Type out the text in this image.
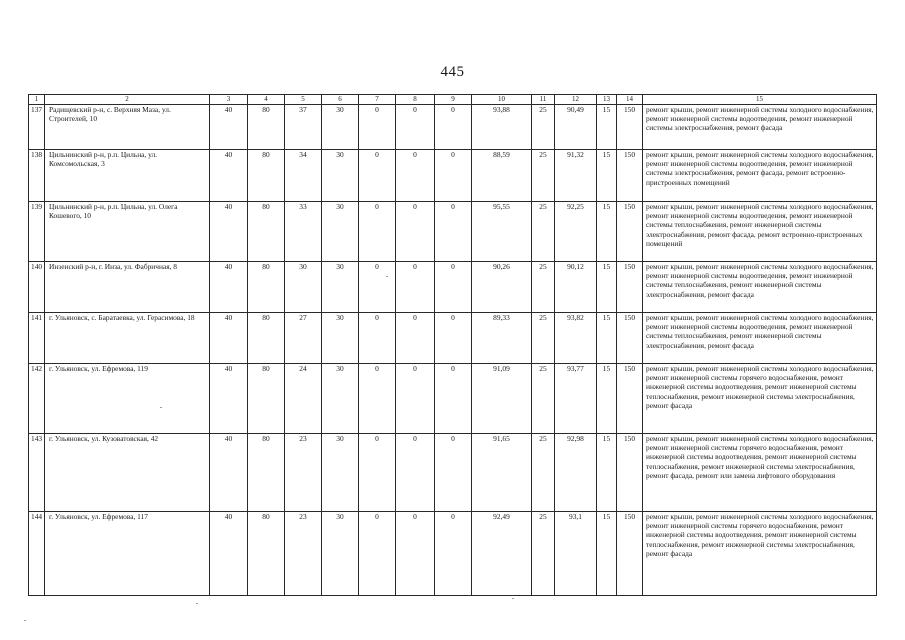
445
1	2	3	4	5	6	7	8	9	10	11	12	13	14	15
137	Радищевский р-н, с. Верхняя Маза, ул. Строителей, 10	40	80	37	30	0	0	0	93,88	25	90,49	15	150	ремонт крыши, ремонт инженерной системы холодного водоснабжения, ремонт инженерной системы водоотведения, ремонт инженерной системы электроснабжения, ремонт фасада
138	Цильнинский р-н, р.п. Цильна, ул. Комсомольская, 3	40	80	34	30	0	0	0	88,59	25	91,32	15	150	ремонт крыши, ремонт инженерной системы холодного водоснабжения, ремонт инженерной системы водоотведения, ремонт инженерной системы электроснабжения, ремонт фасада, ремонт встроенно-пристроенных помещений
139	Цильнинский р-н, р.п. Цильна, ул. Олега Кошевого, 10	40	80	33	30	0	0	0	95,55	25	92,25	15	150	ремонт крыши, ремонт инженерной системы холодного водоснабжения, ремонт инженерной системы водоотведения, ремонт инженерной системы теплоснабжения, ремонт инженерной системы электроснабжения, ремонт фасада, ремонт встроенно-пристроенных помещений
140	Инзенский р-н, г. Инза, ул. Фабричная, 8	40	80	30	30	0	0	0	90,26	25	90,12	15	150	ремонт крыши, ремонт инженерной системы холодного водоснабжения, ремонт инженерной системы водоотведения, ремонт инженерной системы теплоснабжения, ремонт инженерной системы электроснабжения, ремонт фасада
141	г. Ульяновск, с. Баратаевка, ул. Герасимова, 18	40	80	27	30	0	0	0	89,33	25	93,82	15	150	ремонт крыши, ремонт инженерной системы холодного водоснабжения, ремонт инженерной системы водоотведения, ремонт инженерной системы теплоснабжения, ремонт инженерной системы электроснабжения, ремонт фасада
142	г. Ульяновск, ул. Ефремова, 119	40	80	24	30	0	0	0	91,09	25	93,77	15	150	ремонт крыши, ремонт инженерной системы холодного водоснабжения, ремонт инженерной системы горячего водоснабжения, ремонт инженерной системы водоотведения, ремонт инженерной системы теплоснабжения, ремонт инженерной системы электроснабжения, ремонт фасада
143	г. Ульяновск, ул. Кузоватовская, 42	40	80	23	30	0	0	0	91,65	25	92,98	15	150	ремонт крыши, ремонт инженерной системы холодного водоснабжения, ремонт инженерной системы горячего водоснабжения, ремонт инженерной системы водоотведения, ремонт инженерной системы теплоснабжения, ремонт инженерной системы электроснабжения, ремонт фасада, ремонт или замена лифтового оборудования
144	г. Ульяновск, ул. Ефремова, 117	40	80	23	30	0	0	0	92,49	25	93,1	15	150	ремонт крыши, ремонт инженерной системы холодного водоснабжения, ремонт инженерной системы горячего водоснабжения, ремонт инженерной системы водоотведения, ремонт инженерной системы теплоснабжения, ремонт инженерной системы электроснабжения, ремонт фасада
